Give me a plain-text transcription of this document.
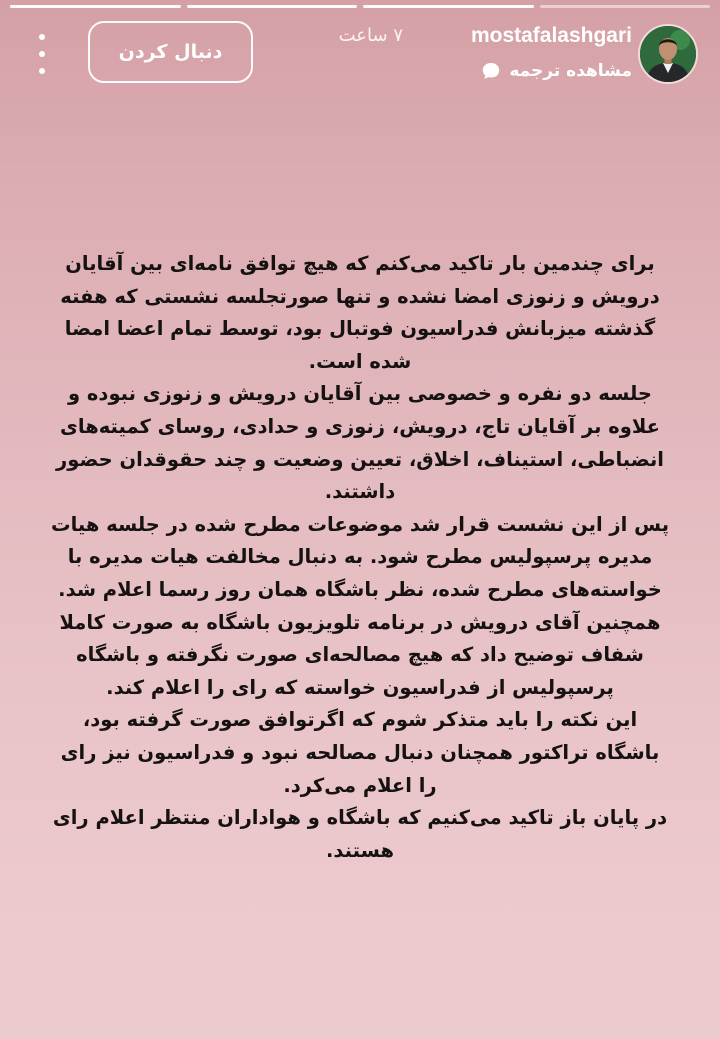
دنبال کردن
۷ ساعت	mostafalashgari
مشاهده ترجمه

برای چندمین بار تاکید می‌کنم که هیچ توافق نامه‌ای بین آقایان درویش و زنوزی امضا نشده و تنها صورتجلسه نشستی که هفته گذشته میزبانش فدراسیون فوتبال بود، توسط تمام اعضا امضا شده است.

جلسه دو نفره و خصوصی بین آقایان درویش و زنوزی نبوده و علاوه بر آقایان تاج، درویش، زنوزی و حدادی، روسای کمیته‌های انضباطی، استیناف، اخلاق، تعیین وضعیت و چند حقوقدان حضور داشتند.

پس از این نشست قرار شد موضوعات مطرح شده در جلسه هیات مدیره پرسپولیس مطرح شود. به دنبال مخالفت هیات مدیره با خواسته‌های مطرح شده، نظر باشگاه همان روز رسما اعلام شد.

همچنین آقای درویش در برنامه تلویزیون باشگاه به صورت کاملا شفاف توضیح داد که هیچ مصالحه‌ای صورت نگرفته و باشگاه پرسپولیس از فدراسیون خواسته که رای را اعلام کند.

این نکته را باید متذکر شوم که اگرتوافق صورت گرفته بود، باشگاه تراکتور همچنان دنبال مصالحه نبود و فدراسیون نیز رای را اعلام می‌کرد.

در پایان باز تاکید می‌کنیم که باشگاه و هواداران منتظر اعلام رای هستند.
